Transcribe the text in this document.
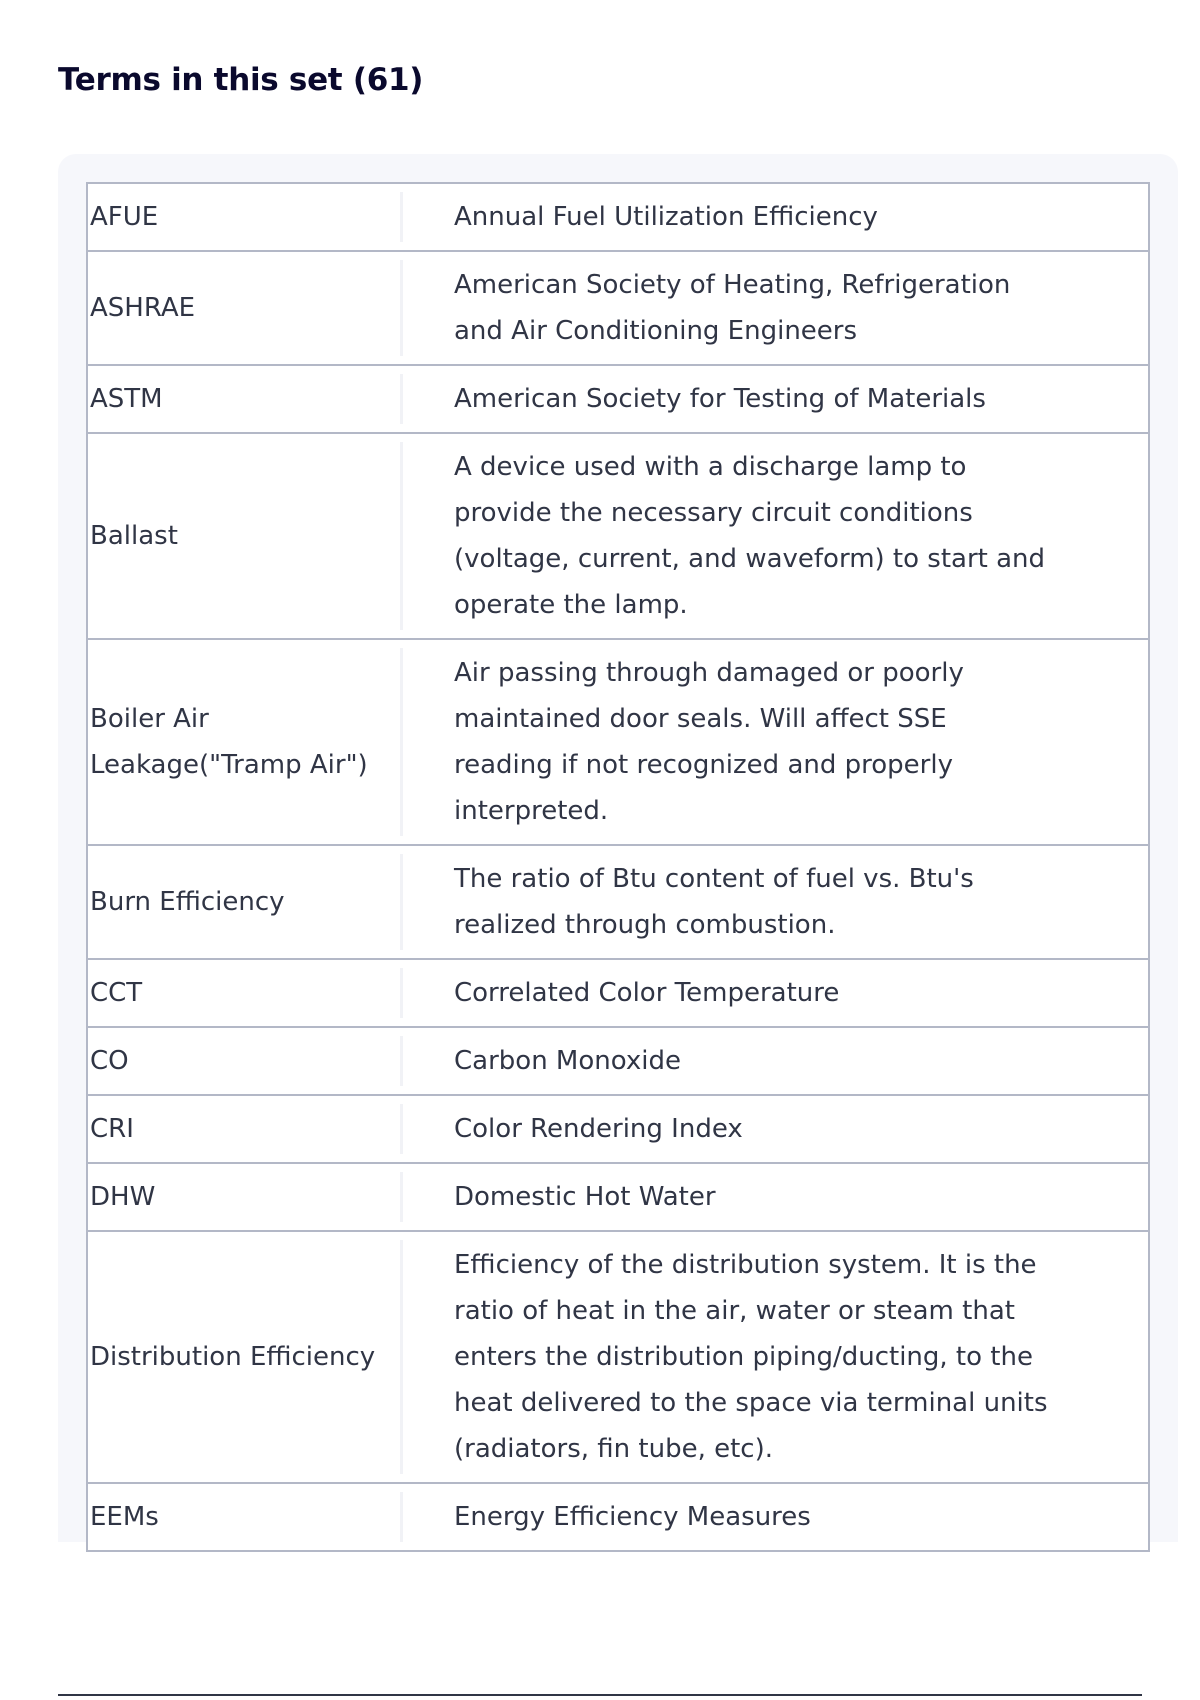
Terms in this set (61)
AFUE		Annual Fuel Utilization Efficiency
ASHRAE		American Society of Heating, Refrigeration and Air Conditioning Engineers
ASTM		American Society for Testing of Materials
Ballast		A device used with a discharge lamp to provide the necessary circuit conditions (voltage, current, and waveform) to start and operate the lamp.
Boiler Air Leakage("Tramp Air")		Air passing through damaged or poorly maintained door seals. Will affect SSE reading if not recognized and properly interpreted.
Burn Efficiency		The ratio of Btu content of fuel vs. Btu's realized through combustion.
CCT		Correlated Color Temperature
CO		Carbon Monoxide
CRI		Color Rendering Index
DHW		Domestic Hot Water
Distribution Efficiency		Efficiency of the distribution system. It is the ratio of heat in the air, water or steam that enters the distribution piping/ducting, to the heat delivered to the space via terminal units (radiators, fin tube, etc).
EEMs		Energy Efficiency Measures
